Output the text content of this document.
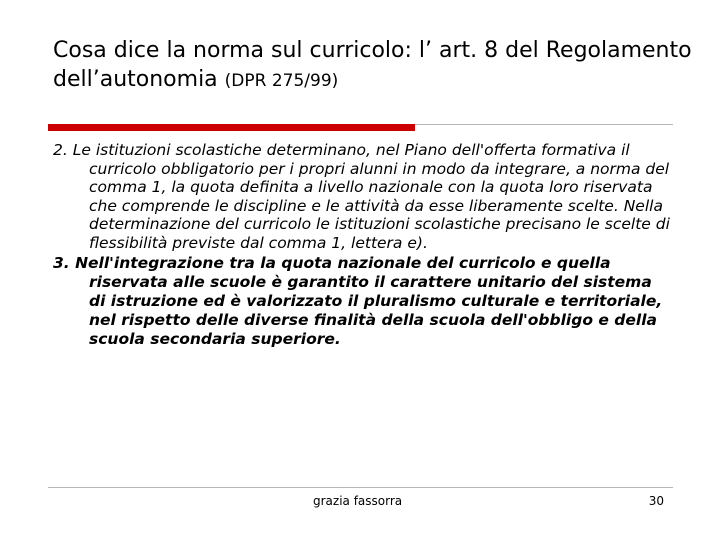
Cosa dice la norma sul curricolo: l’ art. 8 del Regolamento dell’autonomia (DPR 275/99)

2. Le istituzioni scolastiche determinano, nel Piano dell'offerta formativa il curricolo obbligatorio per i propri alunni in modo da integrare, a norma del comma 1, la quota definita a livello nazionale con la quota loro riservata che comprende le discipline e le attività da esse liberamente scelte. Nella determinazione del curricolo le istituzioni scolastiche precisano le scelte di flessibilità previste dal comma 1, lettera e).

3. Nell'integrazione tra la quota nazionale del curricolo e quella riservata alle scuole è garantito il carattere unitario del sistema di istruzione ed è valorizzato il pluralismo culturale e territoriale, nel rispetto delle diverse finalità della scuola dell'obbligo e della scuola secondaria superiore.

grazia fassorra	30
